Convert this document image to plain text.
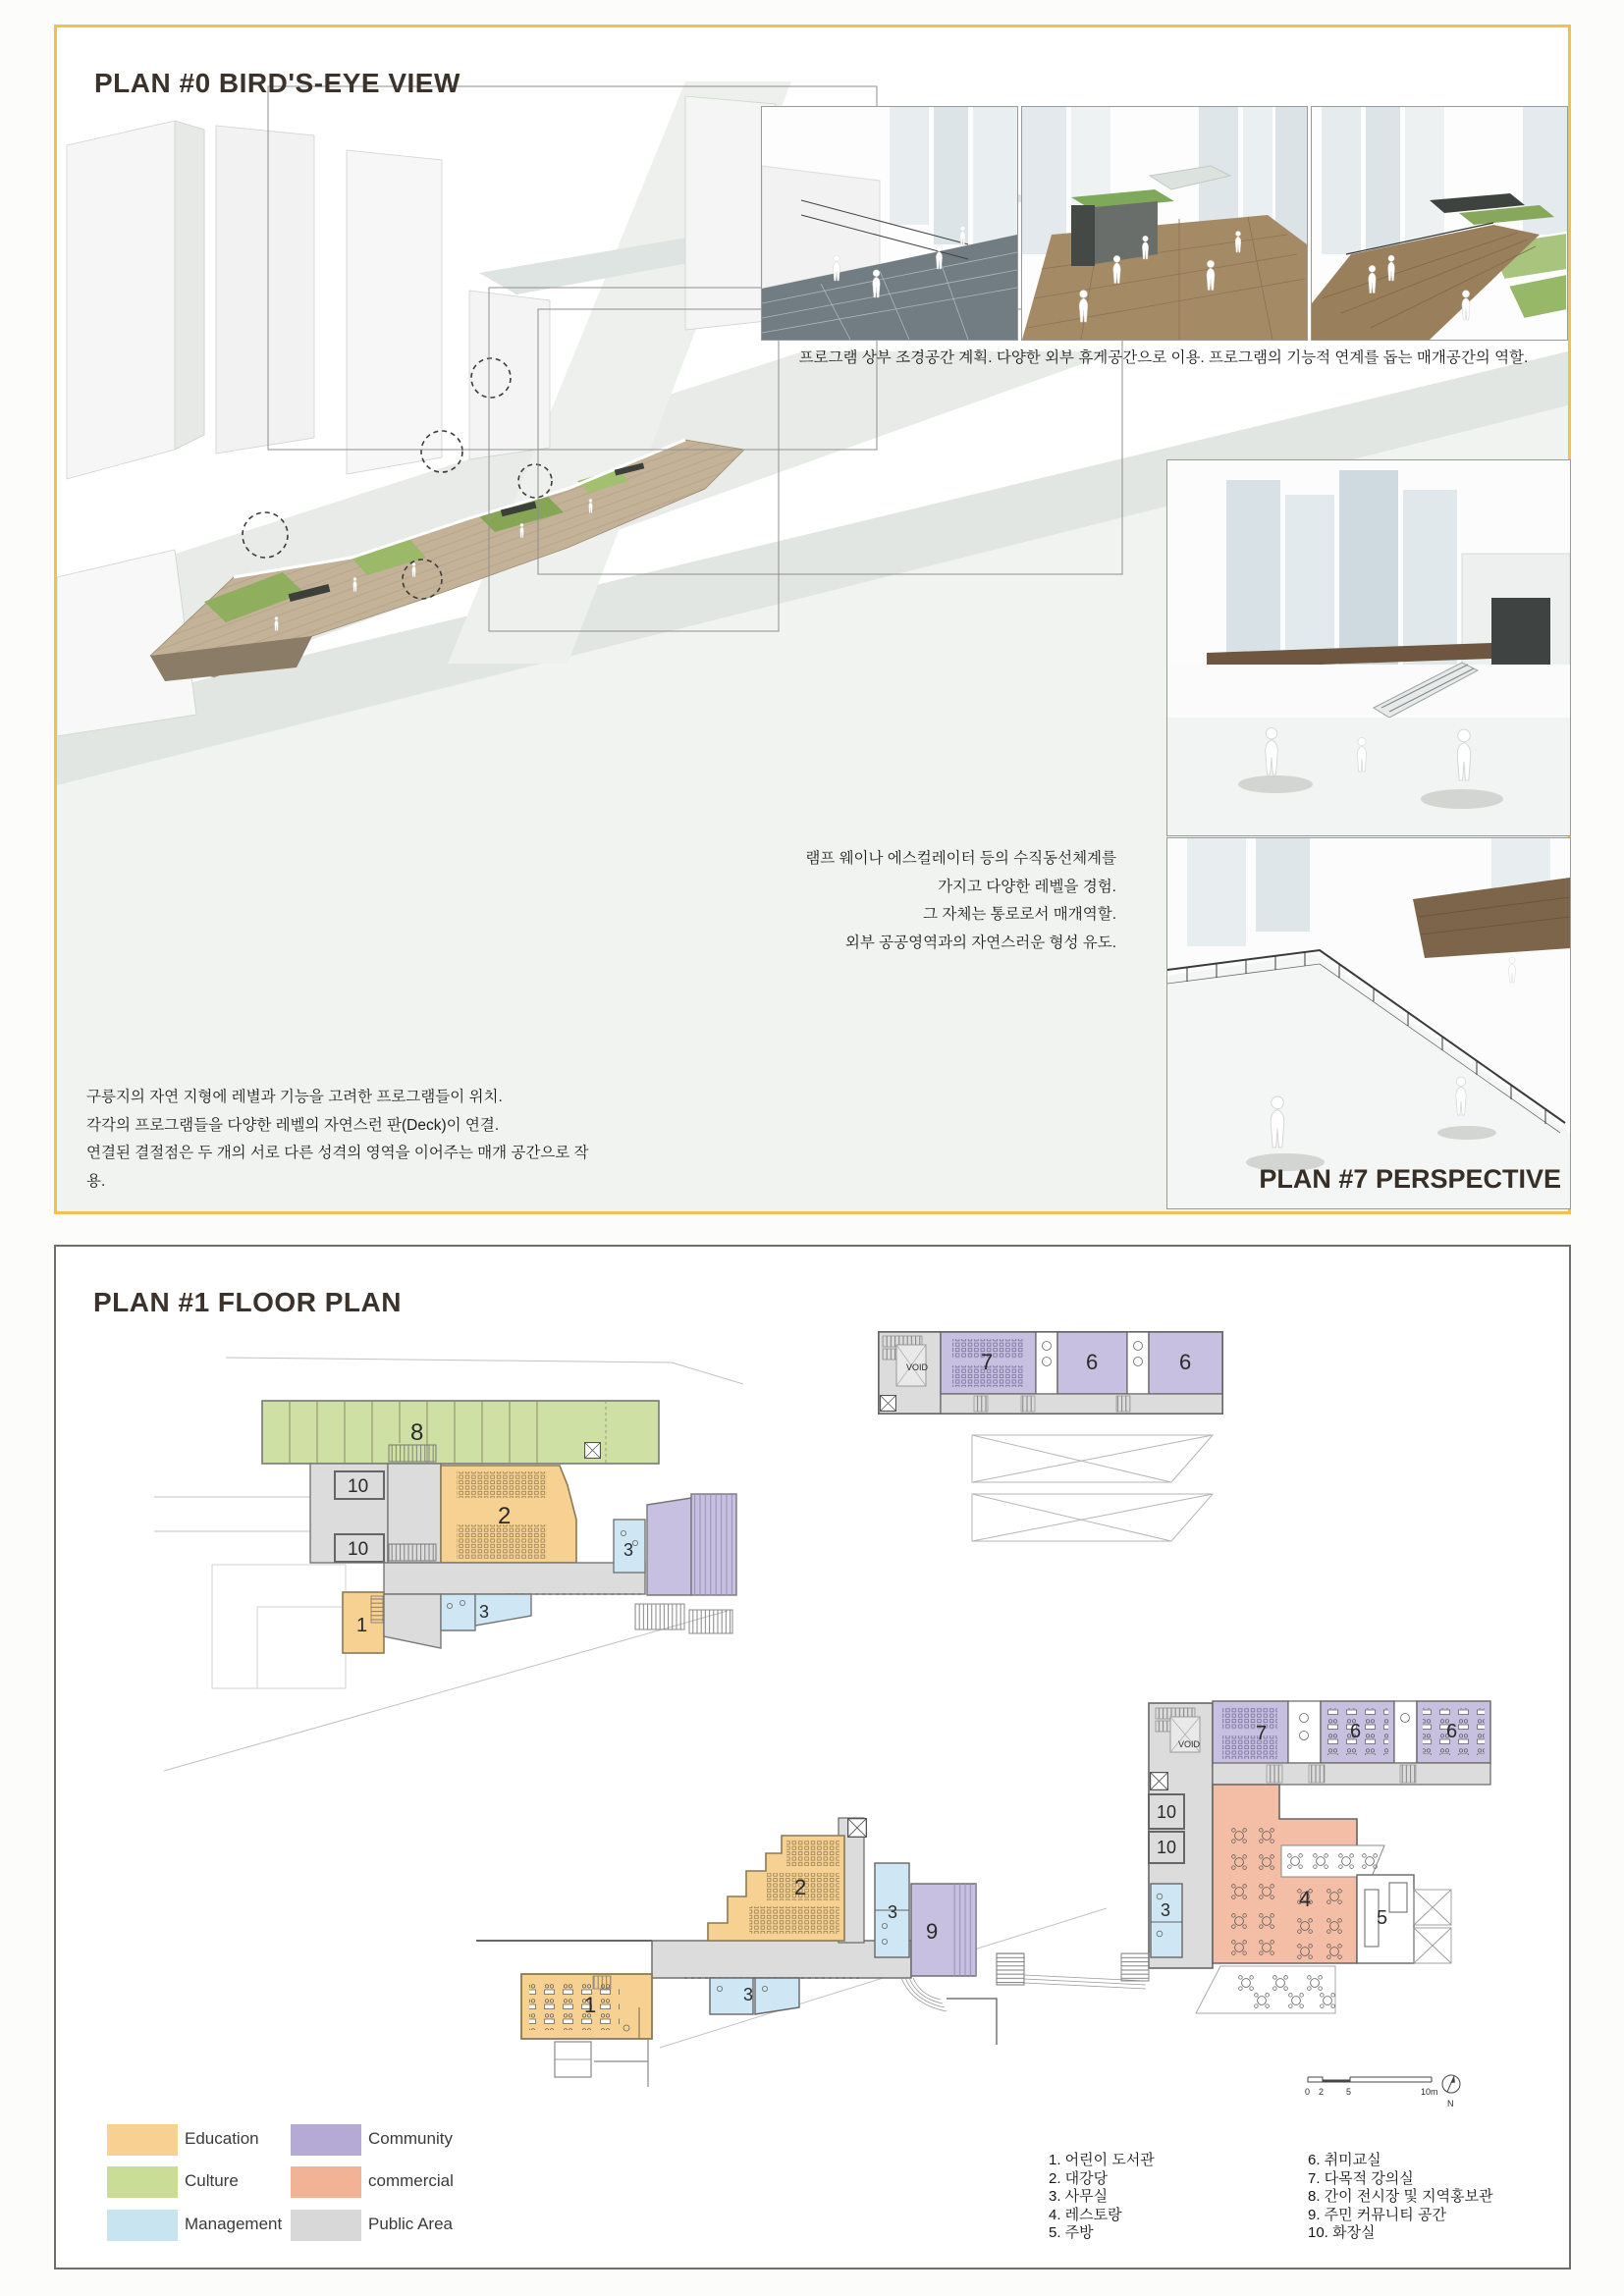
PLAN #0 BIRD'S-EYE VIEW
프로그램 상부 조경공간 계획. 다양한 외부 휴게공간으로 이용. 프로그램의 기능적 연계를 돕는 매개공간의 역할.
PLAN #7 PERSPECTIVE
램프 웨이나 에스컬레이터 등의 수직동선체계를
가지고 다양한 레벨을 경험.
그 자체는 통로로서 매개역할.
외부 공공영역과의 자연스러운 형성 유도.
구릉지의 자연 지형에 레별과 기능을 고려한 프로그램들이 위치.
각각의 프로그램들을 다양한 레벨의 자연스런 판(Deck)이 연결.
연결된 결절점은 두 개의 서로 다른 성격의 영역을 이어주는 매개 공간으로 작용.
PLAN #1 FLOOR PLAN
8
10
10
2
3
1
3
VOID 7	6	6
1
2
3
3
9
VOID	7	6	6
10
10
3	4
5
0 2	5	10m
N
Education
Culture
Management
Community
commercial
Public Area
1. 어린이 도서관
2. 대강당
3. 사무실
4. 레스토랑
5. 주방
6. 취미교실
7. 다목적 강의실
8. 간이 전시장 및 지역홍보관
9. 주민 커뮤니티 공간
10. 화장실
